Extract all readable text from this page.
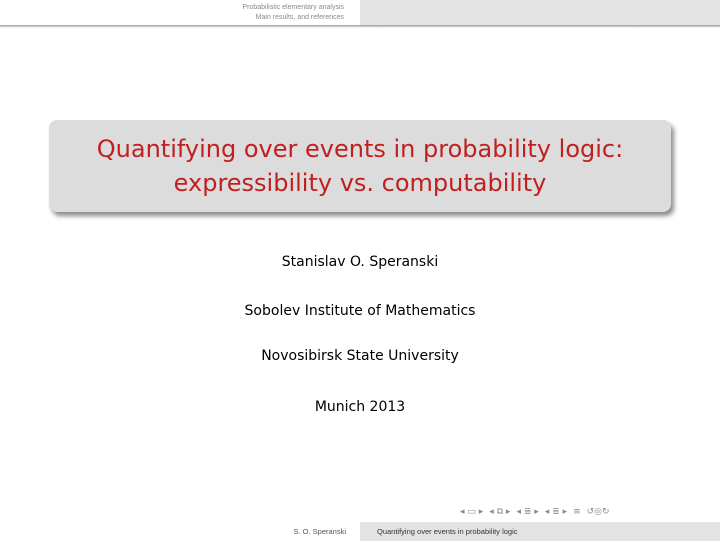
Probabilistic elementary analysis
Main results, and references
Quantifying over events in probability logic:
expressibility vs. computability
Stanislav O. Speranski
Sobolev Institute of Mathematics
Novosibirsk State University
Munich 2013
◂ ▭ ▸ ◂ ⧉ ▸ ◂ ≣ ▸ ◂ ≣ ▸ ≡ ↺◎↻
S. O. Speranski	Quantifying over events in probability logic
